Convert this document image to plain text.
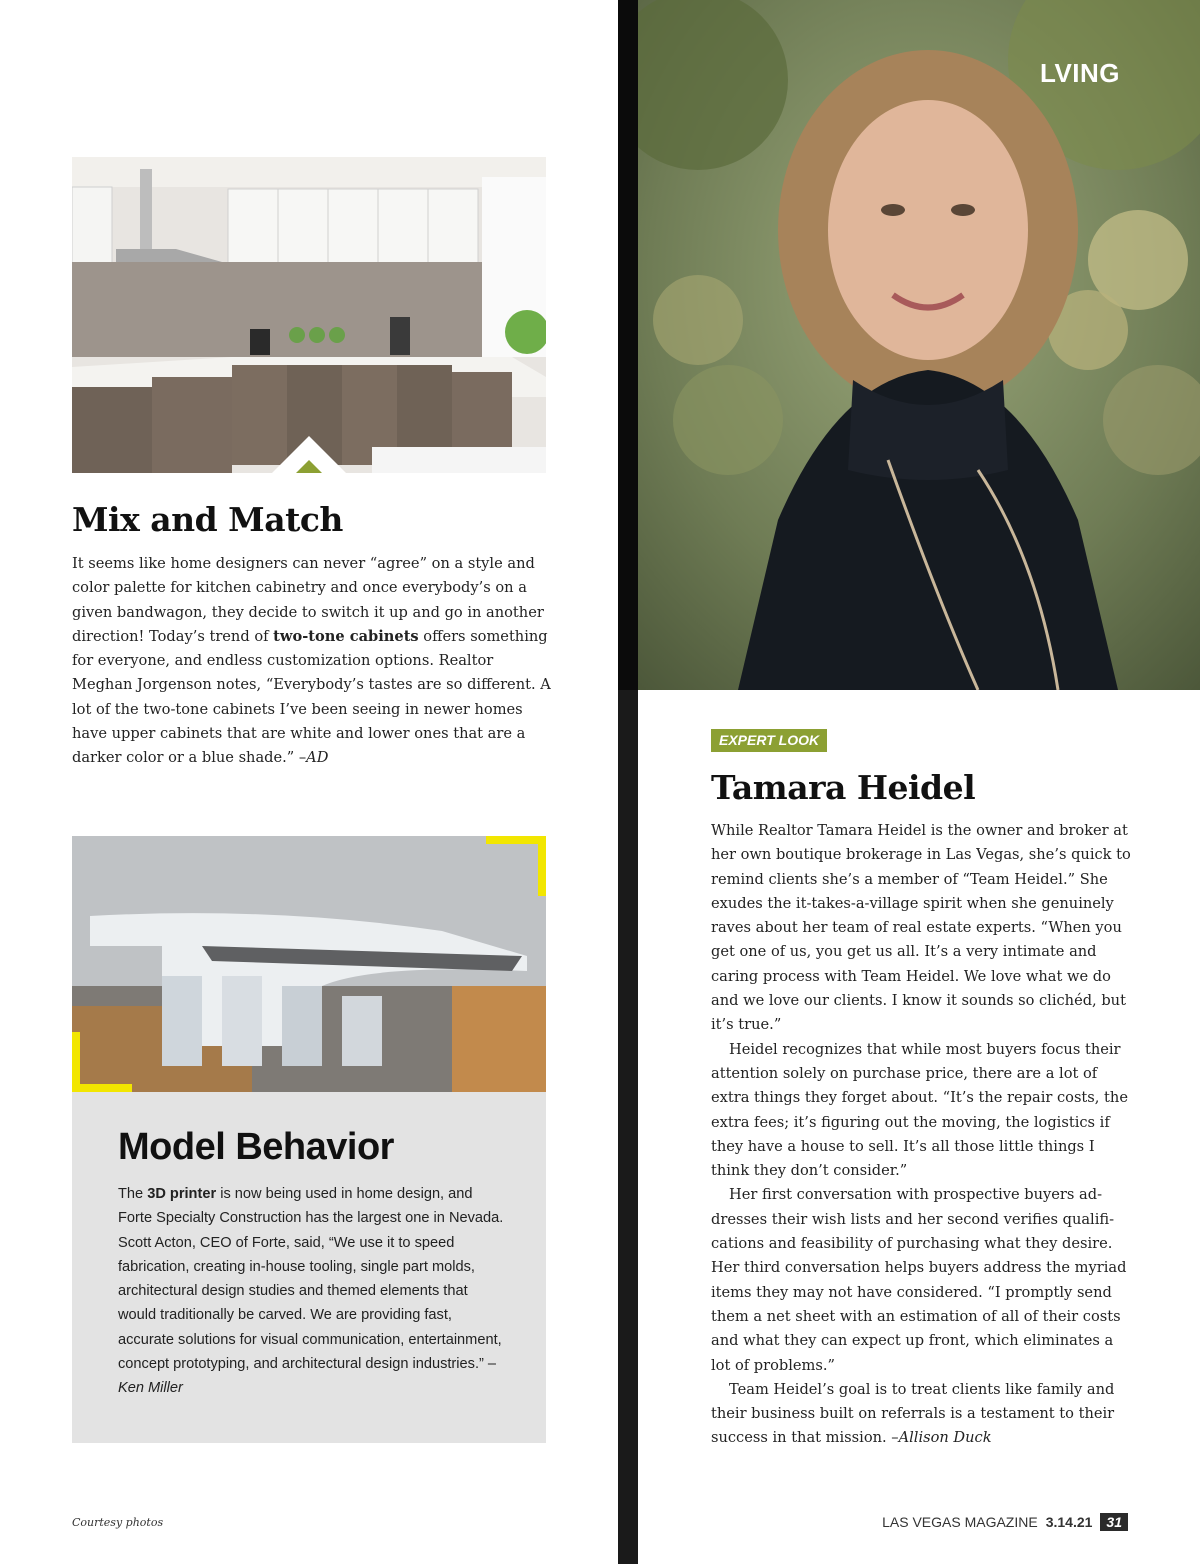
LVING
Mix and Match
It seems like home designers can never “agree” on a style and color palette for kitchen cabinetry and once everybody’s on a given bandwagon, they decide to switch it up and go in another direction! Today’s trend of two-tone cabinets offers something for everyone, and endless customization options. Realtor Meghan Jorgenson notes, “Everybody’s tastes are so different. A lot of the two-tone cabinets I’ve been seeing in newer homes have upper cabinets that are white and lower ones that are a darker color or a blue shade.” –AD
Model Behavior
The 3D printer is now being used in home design, and Forte Specialty Construction has the largest one in Nevada. Scott Acton, CEO of Forte, said, “We use it to speed fabrication, creating in-house tooling, single part molds, architectural design studies and themed elements that would traditionally be carved. We are providing fast, accurate solutions for visual communication, entertainment, concept prototyping, and architectural design industries.” –Ken Miller
EXPERT LOOK
Tamara Heidel

While Realtor Tamara Heidel is the owner and broker at her own boutique brokerage in Las Vegas, she’s quick to remind clients she’s a member of “Team Heidel.” She exudes the it-takes-a-village spirit when she genuinely raves about her team of real estate experts. “When you get one of us, you get us all. It’s a very intimate and caring process with Team Heidel. We love what we do and we love our clients. I know it sounds so clichéd, but it’s true.”

Heidel recognizes that while most buyers focus their attention solely on purchase price, there are a lot of extra things they forget about. “It’s the repair costs, the extra fees; it’s figuring out the moving, the logistics if they have a house to sell. It’s all those little things I think they don’t consider.”

Her first conversation with prospective buyers addresses their wish lists and her second verifies qualifications and feasibility of purchasing what they desire. Her third conversation helps buyers address the myriad items they may not have considered. “I promptly send them a net sheet with an estimation of all of their costs and what they can expect up front, which eliminates a lot of problems.”

Team Heidel’s goal is to treat clients like family and their business built on referrals is a testament to their success in that mission. –Allison Duck

Courtesy photos	LAS VEGAS MAGAZINE 3.14.21	31
